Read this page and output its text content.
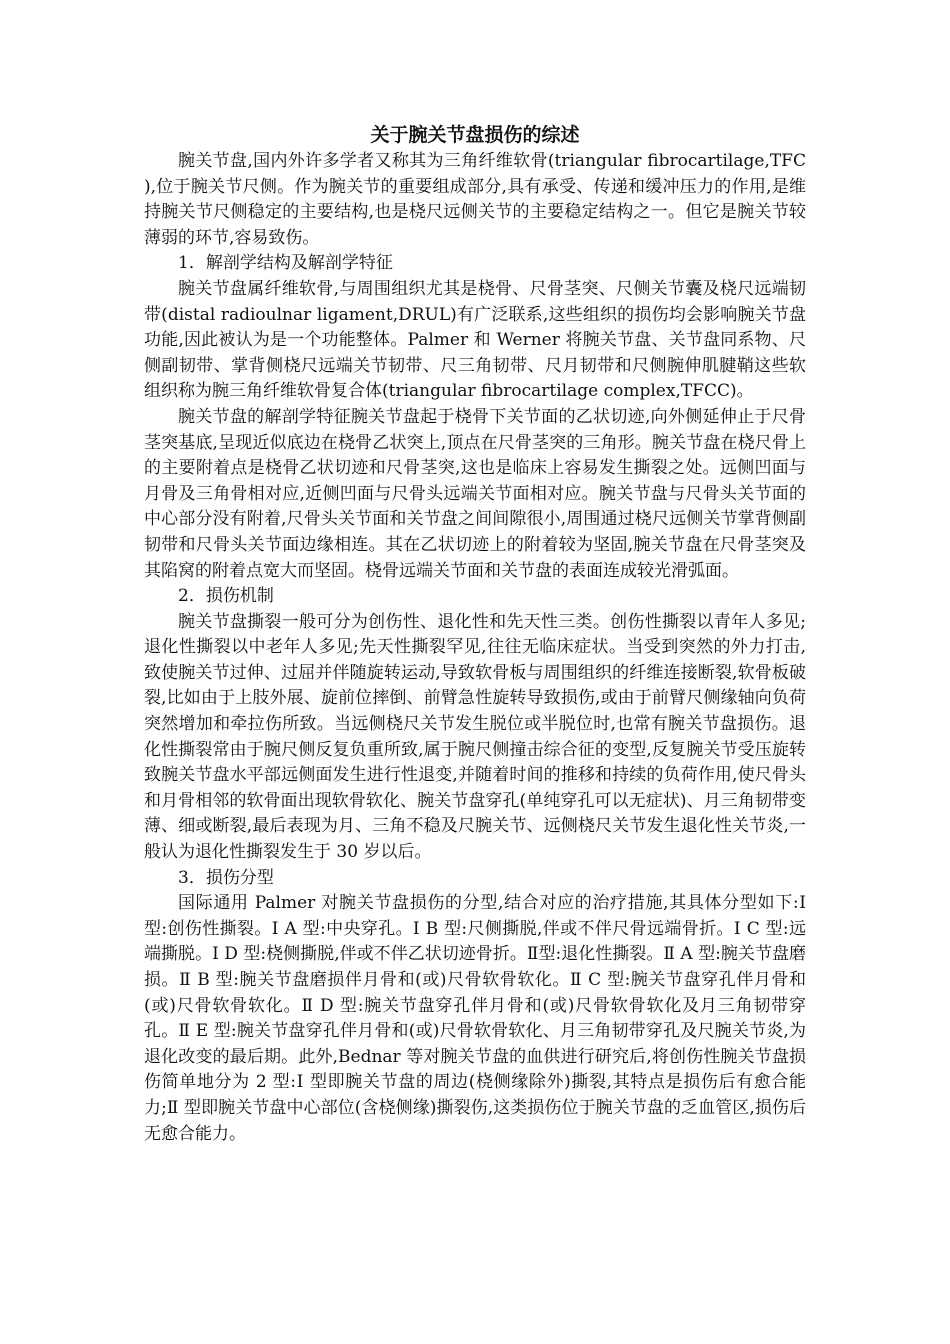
关于腕关节盘损伤的综述

腕关节盘,国内外许多学者又称其为三角纤维软骨(triangular fibrocartilage,TFC ),位于腕关节尺侧。作为腕关节的重要组成部分,具有承受、传递和缓冲压力的作用,是维持腕关节尺侧稳定的主要结构,也是桡尺远侧关节的主要稳定结构之一。但它是腕关节较薄弱的环节,容易致伤。

1．解剖学结构及解剖学特征

腕关节盘属纤维软骨,与周围组织尤其是桡骨、尺骨茎突、尺侧关节囊及桡尺远端韧带(distal radioulnar ligament,DRUL)有广泛联系,这些组织的损伤均会影响腕关节盘功能,因此被认为是一个功能整体。Palmer 和 Werner 将腕关节盘、关节盘同系物、尺侧副韧带、掌背侧桡尺远端关节韧带、尺三角韧带、尺月韧带和尺侧腕伸肌腱鞘这些软组织称为腕三角纤维软骨复合体(triangular fibrocartilage complex,TFCC)。

腕关节盘的解剖学特征腕关节盘起于桡骨下关节面的乙状切迹,向外侧延伸止于尺骨茎突基底,呈现近似底边在桡骨乙状突上,顶点在尺骨茎突的三角形。腕关节盘在桡尺骨上的主要附着点是桡骨乙状切迹和尺骨茎突,这也是临床上容易发生撕裂之处。远侧凹面与月骨及三角骨相对应,近侧凹面与尺骨头远端关节面相对应。腕关节盘与尺骨头关节面的中心部分没有附着,尺骨头关节面和关节盘之间间隙很小,周围通过桡尺远侧关节掌背侧副韧带和尺骨头关节面边缘相连。其在乙状切迹上的附着较为坚固,腕关节盘在尺骨茎突及其陷窝的附着点宽大而坚固。桡骨远端关节面和关节盘的表面连成较光滑弧面。

2．损伤机制

腕关节盘撕裂一般可分为创伤性、退化性和先天性三类。创伤性撕裂以青年人多见;退化性撕裂以中老年人多见;先天性撕裂罕见,往往无临床症状。当受到突然的外力打击,致使腕关节过伸、过屈并伴随旋转运动,导致软骨板与周围组织的纤维连接断裂,软骨板破裂,比如由于上肢外展、旋前位摔倒、前臂急性旋转导致损伤,或由于前臂尺侧缘轴向负荷突然增加和牵拉伤所致。当远侧桡尺关节发生脱位或半脱位时,也常有腕关节盘损伤。退化性撕裂常由于腕尺侧反复负重所致,属于腕尺侧撞击综合征的变型,反复腕关节受压旋转致腕关节盘水平部远侧面发生进行性退变,并随着时间的推移和持续的负荷作用,使尺骨头和月骨相邻的软骨面出现软骨软化、腕关节盘穿孔(单纯穿孔可以无症状)、月三角韧带变薄、细或断裂,最后表现为月、三角不稳及尺腕关节、远侧桡尺关节发生退化性关节炎,一般认为退化性撕裂发生于 30 岁以后。

3．损伤分型

国际通用 Palmer 对腕关节盘损伤的分型,结合对应的治疗措施,其具体分型如下:Ⅰ 型:创伤性撕裂。Ⅰ A 型:中央穿孔。Ⅰ B 型:尺侧撕脱,伴或不伴尺骨远端骨折。Ⅰ C 型:远端撕脱。Ⅰ D 型:桡侧撕脱,伴或不伴乙状切迹骨折。Ⅱ型:退化性撕裂。Ⅱ A 型:腕关节盘磨损。Ⅱ B 型:腕关节盘磨损伴月骨和(或)尺骨软骨软化。Ⅱ C 型:腕关节盘穿孔伴月骨和(或)尺骨软骨软化。Ⅱ D 型:腕关节盘穿孔伴月骨和(或)尺骨软骨软化及月三角韧带穿孔。Ⅱ E 型:腕关节盘穿孔伴月骨和(或)尺骨软骨软化、月三角韧带穿孔及尺腕关节炎,为退化改变的最后期。此外,Bednar 等对腕关节盘的血供进行研究后,将创伤性腕关节盘损伤简单地分为 2 型:Ⅰ 型即腕关节盘的周边(桡侧缘除外)撕裂,其特点是损伤后有愈合能力;Ⅱ 型即腕关节盘中心部位(含桡侧缘)撕裂伤,这类损伤位于腕关节盘的乏血管区,损伤后无愈合能力。
